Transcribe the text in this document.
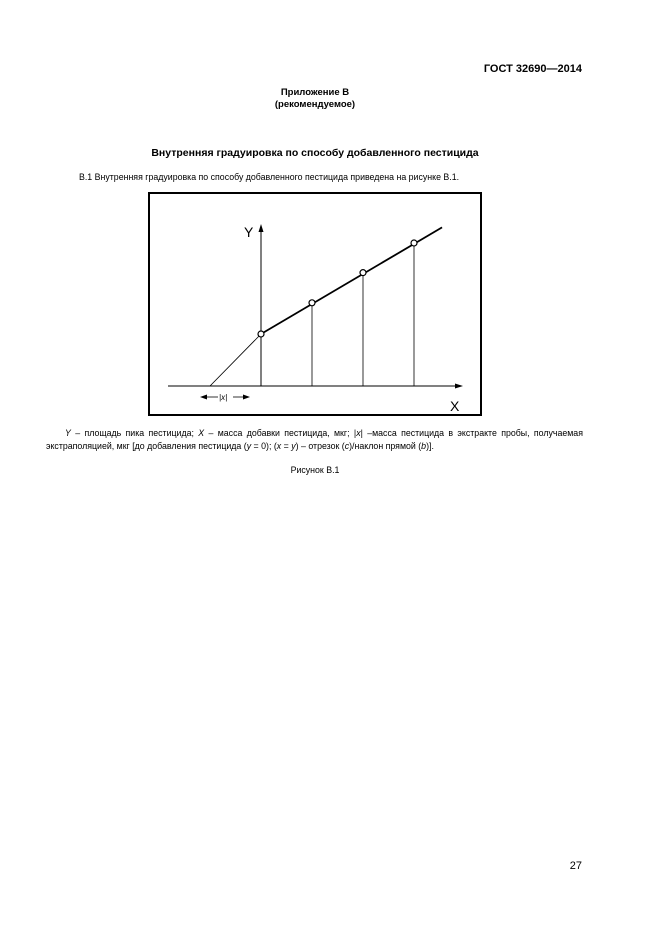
ГОСТ 32690—2014
Приложение В
(рекомендуемое)
Внутренняя градуировка по способу добавленного пестицида
В.1 Внутренняя градуировка по способу добавленного пестицида приведена на рисунке В.1.
Y
X
|x|
Y – площадь пика пестицида; X – масса добавки пестицида, мкг; |x| –масса пестицида в экстракте пробы, получаемая экстраполяцией, мкг [до добавления пестицида (y = 0); (x = y) – отрезок (c)/наклон прямой (b)].
Рисунок В.1
27
